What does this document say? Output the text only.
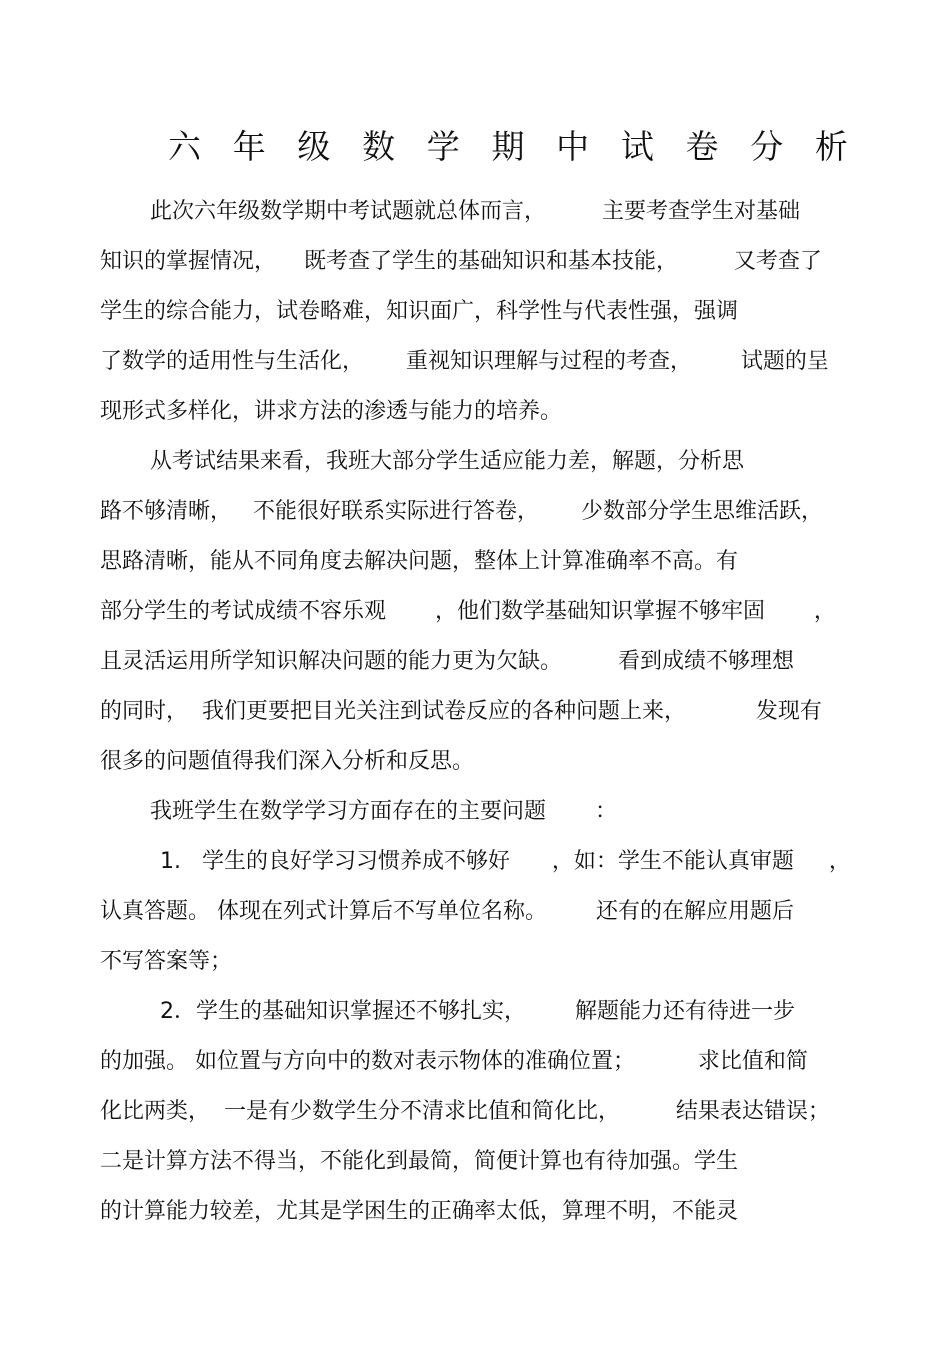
六 年 级 数 学 期 中 试 卷 分 析
此次六年级数学期中考试题就总体而言，        主要考查学生对基础
知识的掌握情况，    既考查了学生的基础知识和基本技能，        又考查了
学生的综合能力，试卷略难，知识面广，科学性与代表性强，强调
了数学的适用性与生活化，      重视知识理解与过程的考查，       试题的呈
现形式多样化，讲求方法的渗透与能力的培养。
从考试结果来看，我班大部分学生适应能力差，解题，分析思
路不够清晰，   不能很好联系实际进行答卷，      少数部分学生思维活跃，
思路清晰，能从不同角度去解决问题，整体上计算准确率不高。有
部分学生的考试成绩不容乐观       ，他们数学基础知识掌握不够牢固       ，
且灵活运用所学知识解决问题的能力更为欠缺。        看到成绩不够理想
的同时，  我们更要把目光关注到试卷反应的各种问题上来，          发现有
很多的问题值得我们深入分析和反思。
我班学生在数学学习方面存在的主要问题       ：
1.   学生的良好学习习惯养成不够好      ，如：学生不能认真审题     ，
认真答题。 体现在列式计算后不写单位名称。       还有的在解应用题后
不写答案等；
2．学生的基础知识掌握还不够扎实，       解题能力还有待进一步
的加强。 如位置与方向中的数对表示物体的准确位置；         求比值和简
化比两类，  一是有少数学生分不清求比值和简化比，        结果表达错误；
二是计算方法不得当，不能化到最简，简便计算也有待加强。学生
的计算能力较差，尤其是学困生的正确率太低，算理不明，不能灵
